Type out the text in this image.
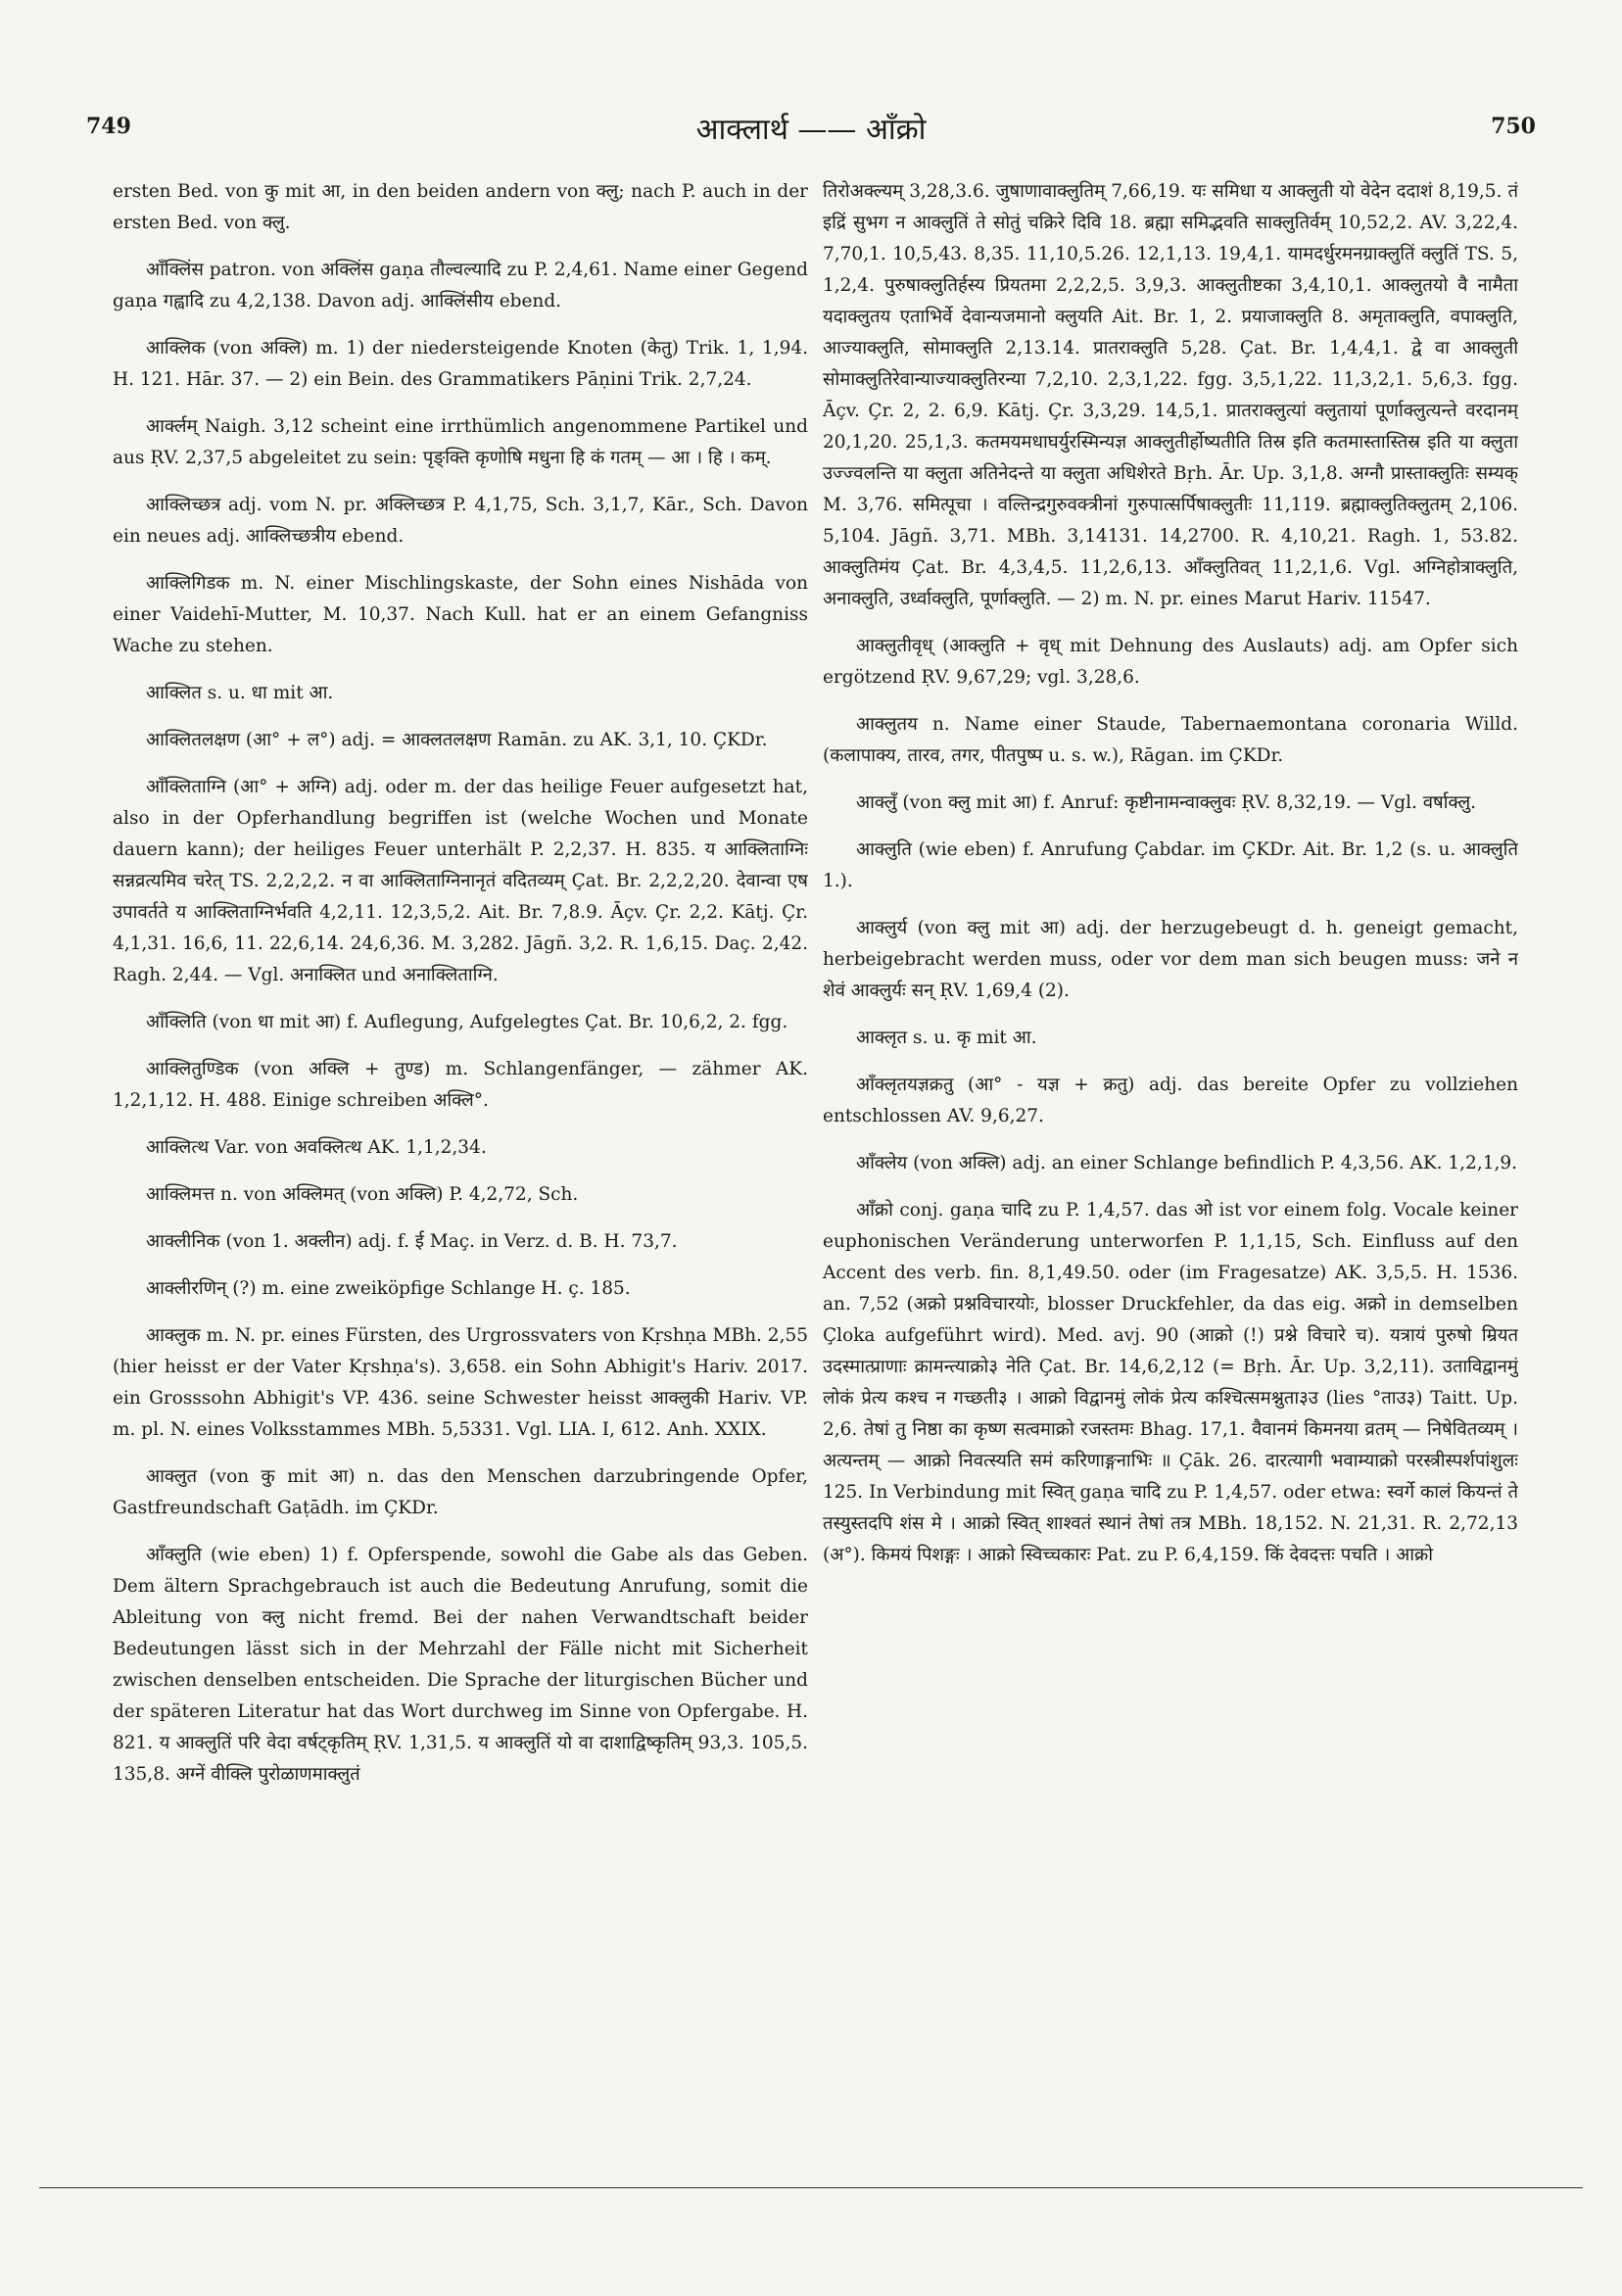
749	आक्लार्थ —— आँक्रो	750

ersten Bed. von कु mit आ, in den beiden andern von क्लु; nach P. auch in der ersten Bed. von क्लु.

आँक्लिंस patron. von अक्लिंस gaṇa तौल्वल्यादि zu P. 2,4,61. Name einer Gegend gaṇa गह्वादि zu 4,2,138. Davon adj. आक्लिंसीय ebend.

आक्लिक (von अक्लि) m. 1) der niedersteigende Knoten (केतु) Trik. 1, 1,94. H. 121. Hār. 37. — 2) ein Bein. des Grammatikers Pāṇini Trik. 2,7,24.

आर्क्लम् Naigh. 3,12 scheint eine irrthümlich angenommene Partikel und aus ṚV. 2,37,5 abgeleitet zu sein: पृङ्क्ति कृणोषि मधुना हि कं गतम् — आ । हि । कम्.

आक्लिच्छत्र adj. vom N. pr. अक्लिच्छत्र P. 4,1,75, Sch. 3,1,7, Kār., Sch. Davon ein neues adj. आक्लिच्छत्रीय ebend.

आक्लिगिडक m. N. einer Mischlingskaste, der Sohn eines Nishāda von einer Vaidehī-Mutter, M. 10,37. Nach Kull. hat er an einem Gefangniss Wache zu stehen.

आक्लित s. u. धा mit आ.

आक्लितलक्षण (आ° + ल°) adj. = आक्लतलक्षण Ramān. zu AK. 3,1, 10. ÇKDr.

आँक्लिताग्नि (आ° + अग्नि) adj. oder m. der das heilige Feuer aufgesetzt hat, also in der Opferhandlung begriffen ist (welche Wochen und Monate dauern kann); der heiliges Feuer unterhält P. 2,2,37. H. 835. य आक्लिताग्निः सन्नव्रत्यमिव चरेत् TS. 2,2,2,2. न वा आक्लिताग्निनानृतं वदितव्यम् Çat. Br. 2,2,2,20. देवान्वा एष उपावर्तते य आक्लिताग्निर्भवति 4,2,11. 12,3,5,2. Ait. Br. 7,8.9. Āçv. Çr. 2,2. Kātj. Çr. 4,1,31. 16,6, 11. 22,6,14. 24,6,36. M. 3,282. Jāgñ. 3,2. R. 1,6,15. Daç. 2,42. Ragh. 2,44. — Vgl. अनाक्लित und अनाक्लिताग्नि.

आँक्लिति (von धा mit आ) f. Auflegung, Aufgelegtes Çat. Br. 10,6,2, 2. fgg.

आक्लितुण्डिक (von अक्लि + तुण्ड) m. Schlangenfänger, — zähmer AK. 1,2,1,12. H. 488. Einige schreiben अक्लि°.

आक्लित्थ Var. von अवक्लित्थ AK. 1,1,2,34.

आक्लिमत्त n. von अक्लिमत् (von अक्लि) P. 4,2,72, Sch.

आक्लीनिक (von 1. अक्लीन) adj. f. ई Maç. in Verz. d. B. H. 73,7.

आक्लीरणिन् (?) m. eine zweiköpfige Schlange H. ç. 185.

आक्लुक m. N. pr. eines Fürsten, des Urgrossvaters von Kṛshṇa MBh. 2,55 (hier heisst er der Vater Kṛshṇa's). 3,658. ein Sohn Abhigit's Hariv. 2017. ein Grosssohn Abhigit's VP. 436. seine Schwester heisst आक्लुकी Hariv. VP. m. pl. N. eines Volksstammes MBh. 5,5331. Vgl. LIA. I, 612. Anh. XXIX.

आक्लुत (von कु mit आ) n. das den Menschen darzubringende Opfer, Gastfreundschaft Gaṭādh. im ÇKDr.

आँक्लुति (wie eben) 1) f. Opferspende, sowohl die Gabe als das Geben. Dem ältern Sprachgebrauch ist auch die Bedeutung Anrufung, somit die Ableitung von क्लु nicht fremd. Bei der nahen Verwandtschaft beider Bedeutungen lässt sich in der Mehrzahl der Fälle nicht mit Sicherheit zwischen denselben entscheiden. Die Sprache der liturgischen Bücher und der späteren Literatur hat das Wort durchweg im Sinne von Opfergabe. H. 821. य आक्लुतिं परि वेदा वर्षट्कृतिम् ṚV. 1,31,5. य आक्लुतिं यो वा दाशाद्विष्कृतिम् 93,3. 105,5. 135,8. अग्नें वीक्लि पुरोळाणमाक्लुतं

तिरोअक्ल्यम् 3,28,3.6. जुषाणावाक्लुतिम् 7,66,19. यः समिधा य आक्लुती यो वेदेन ददाशं 8,19,5. तं इद्रिं सुभग न आक्लुतिं ते सोतुं चक्रिरे दिवि 18. ब्रह्मा समिद्भवति साक्लुतिर्वम् 10,52,2. AV. 3,22,4. 7,70,1. 10,5,43. 8,35. 11,10,5.26. 12,1,13. 19,4,1. यामदर्धुरमनग्राक्लुतिं क्लुतिं TS. 5, 1,2,4. पुरुषाक्लुतिर्हस्य प्रियतमा 2,2,2,5. 3,9,3. आक्लुतीष्टका 3,4,10,1. आक्लुतयो वै नामैता यदाक्लुतय एताभिर्वे देवान्यजमानो क्लुयति Ait. Br. 1, 2. प्रयाजाक्लुति 8. अमृताक्लुति, वपाक्लुति, आज्याक्लुति, सोमाक्लुति 2,13.14. प्रातराक्लुति 5,28. Çat. Br. 1,4,4,1. द्वे वा आक्लुती सोमाक्लुतिरेवान्याज्याक्लुतिरन्या 7,2,10. 2,3,1,22. fgg. 3,5,1,22. 11,3,2,1. 5,6,3. fgg. Āçv. Çr. 2, 2. 6,9. Kātj. Çr. 3,3,29. 14,5,1. प्रातराक्लुत्यां क्लुतायां पूर्णाक्लुत्यन्ते वरदानम् 20,1,20. 25,1,3. कतमयमधाघर्युरस्मिन्यज्ञ आक्लुतीर्होष्यतीति तिस्र इति कतमास्तास्तिस्र इति या क्लुता उज्ज्वलन्ति या क्लुता अतिनेदन्ते या क्लुता अधिशेरते Bṛh. Ār. Up. 3,1,8. अग्नौ प्रास्ताक्लुतिः सम्यक् M. 3,76. समित्पूचा । वल्तिन्द्रगुरुवक्त्रीनां गुरुपात्सर्पिषाक्लुतीः 11,119. ब्रह्माक्लुतिक्लुतम् 2,106. 5,104. Jāgñ. 3,71. MBh. 3,14131. 14,2700. R. 4,10,21. Ragh. 1, 53.82. आक्लुतिमंय Çat. Br. 4,3,4,5. 11,2,6,13. आँक्लुतिवत् 11,2,1,6. Vgl. अग्निहोत्राक्लुति, अनाक्लुति, उर्ध्वाक्लुति, पूर्णाक्लुति. — 2) m. N. pr. eines Marut Hariv. 11547.

आक्लुतीवृध् (आक्लुति + वृध् mit Dehnung des Auslauts) adj. am Opfer sich ergötzend ṚV. 9,67,29; vgl. 3,28,6.

आक्लुतय n. Name einer Staude, Tabernaemontana coronaria Willd. (कलापाक्य, तारव, तगर, पीतपुष्प u. s. w.), Rāgan. im ÇKDr.

आक्लुँ (von क्लु mit आ) f. Anruf: कृष्टीनामन्वाक्लुवः ṚV. 8,32,19. — Vgl. वर्षाक्लु.

आक्लुति (wie eben) f. Anrufung Çabdar. im ÇKDr. Ait. Br. 1,2 (s. u. आक्लुति 1.).

आक्लुर्य (von क्लु mit आ) adj. der herzugebeugt d. h. geneigt gemacht, herbeigebracht werden muss, oder vor dem man sich beugen muss: जने न शेवं आक्लुर्यः सन् ṚV. 1,69,4 (2).

आक्लृत s. u. कृ mit आ.

आँक्लृतयज्ञक्रतु (आ° - यज्ञ + क्रतु) adj. das bereite Opfer zu vollziehen entschlossen AV. 9,6,27.

आँक्लेय (von अक्लि) adj. an einer Schlange befindlich P. 4,3,56. AK. 1,2,1,9.

आँक्रो conj. gaṇa चादि zu P. 1,4,57. das ओ ist vor einem folg. Vocale keiner euphonischen Veränderung unterworfen P. 1,1,15, Sch. Einfluss auf den Accent des verb. fin. 8,1,49.50. oder (im Fragesatze) AK. 3,5,5. H. 1536. an. 7,52 (अक्रो प्रश्नविचारयोः, blosser Druckfehler, da das eig. अक्रो in demselben Çloka aufgeführt wird). Med. avj. 90 (आक्रो (!) प्रश्ने विचारे च). यत्रायं पुरुषो म्रियत उदस्मात्प्राणाः क्रामन्त्याक्रो३ नेति Çat. Br. 14,6,2,12 (= Bṛh. Ār. Up. 3,2,11). उताविद्वानमुं लोकं प्रेत्य कश्च न गच्छती३ । आक्रो विद्वानमुं लोकं प्रेत्य कश्चित्समश्नुता३उ (lies °ताउ३) Taitt. Up. 2,6. तेषां तु निष्ठा का कृष्ण सत्वमाक्रो रजस्तमः Bhag. 17,1. वैवानमं किमनया व्रतम् — निषेवितव्यम् । अत्यन्तम् — आक्रो निवत्स्यति समं करिणाङ्गनाभिः ॥ Çāk. 26. दारत्यागी भवाम्याक्रो परस्त्रीस्पर्शपांशुलः 125. In Verbindung mit स्वित् gaṇa चादि zu P. 1,4,57. oder etwa: स्वर्गे कालं कियन्तं ते तस्युस्तदपि शंस मे । आक्रो स्वित् शाश्वतं स्थानं तेषां तत्र MBh. 18,152. N. 21,31. R. 2,72,13 (अ°). किमयं पिशङ्गः । आक्रो स्विच्चकारः Pat. zu P. 6,4,159. किं देवदत्तः पचति । आक्रो
